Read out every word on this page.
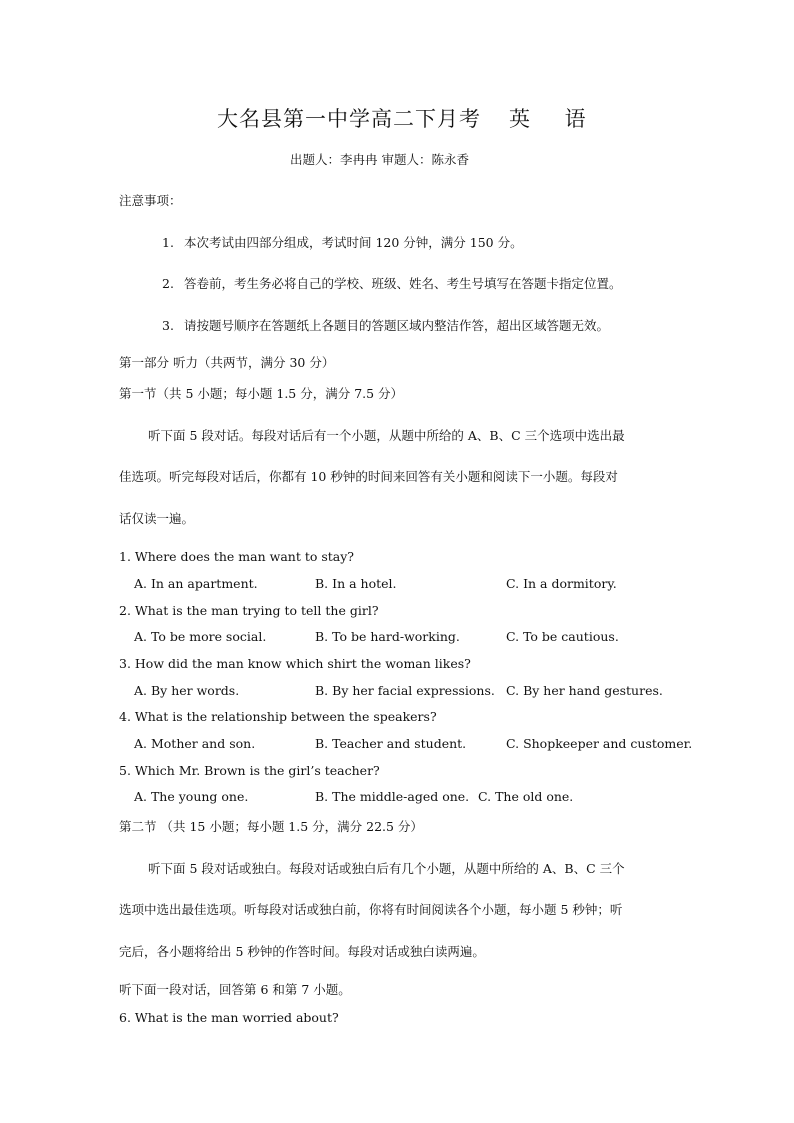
大名县第一中学高二下月考 英 语
出题人：李冉冉 审题人：陈永香
注意事项：
1. 本次考试由四部分组成，考试时间 120 分钟，满分 150 分。
2. 答卷前，考生务必将自己的学校、班级、姓名、考生号填写在答题卡指定位置。
3. 请按题号顺序在答题纸上各题目的答题区域内整洁作答，超出区域答题无效。
第一部分 听力（共两节，满分 30 分）
第一节（共 5 小题；每小题 1.5 分，满分 7.5 分）
听下面 5 段对话。每段对话后有一个小题，从题中所给的 A、B、C 三个选项中选出最
佳选项。听完每段对话后，你都有 10 秒钟的时间来回答有关小题和阅读下一小题。每段对
话仅读一遍。
1. Where does the man want to stay?
A. In an apartment.	B. In a hotel.	C. In a dormitory.
2. What is the man trying to tell the girl?
A. To be more social.	B. To be hard-working.	C. To be cautious.
3. How did the man know which shirt the woman likes?
A. By her words.	B. By her facial expressions. C. By her hand gestures.
4. What is the relationship between the speakers?
A. Mother and son.	B. Teacher and student.	C. Shopkeeper and customer.
5. Which Mr. Brown is the girl’s teacher?
A. The young one.	B. The middle-aged one. C. The old one.
第二节 （共 15 小题；每小题 1.5 分，满分 22.5 分）
听下面 5 段对话或独白。每段对话或独白后有几个小题，从题中所给的 A、B、C 三个
选项中选出最佳选项。听每段对话或独白前，你将有时间阅读各个小题，每小题 5 秒钟；听
完后，各小题将给出 5 秒钟的作答时间。每段对话或独白读两遍。
听下面一段对话，回答第 6 和第 7 小题。
6. What is the man worried about?
